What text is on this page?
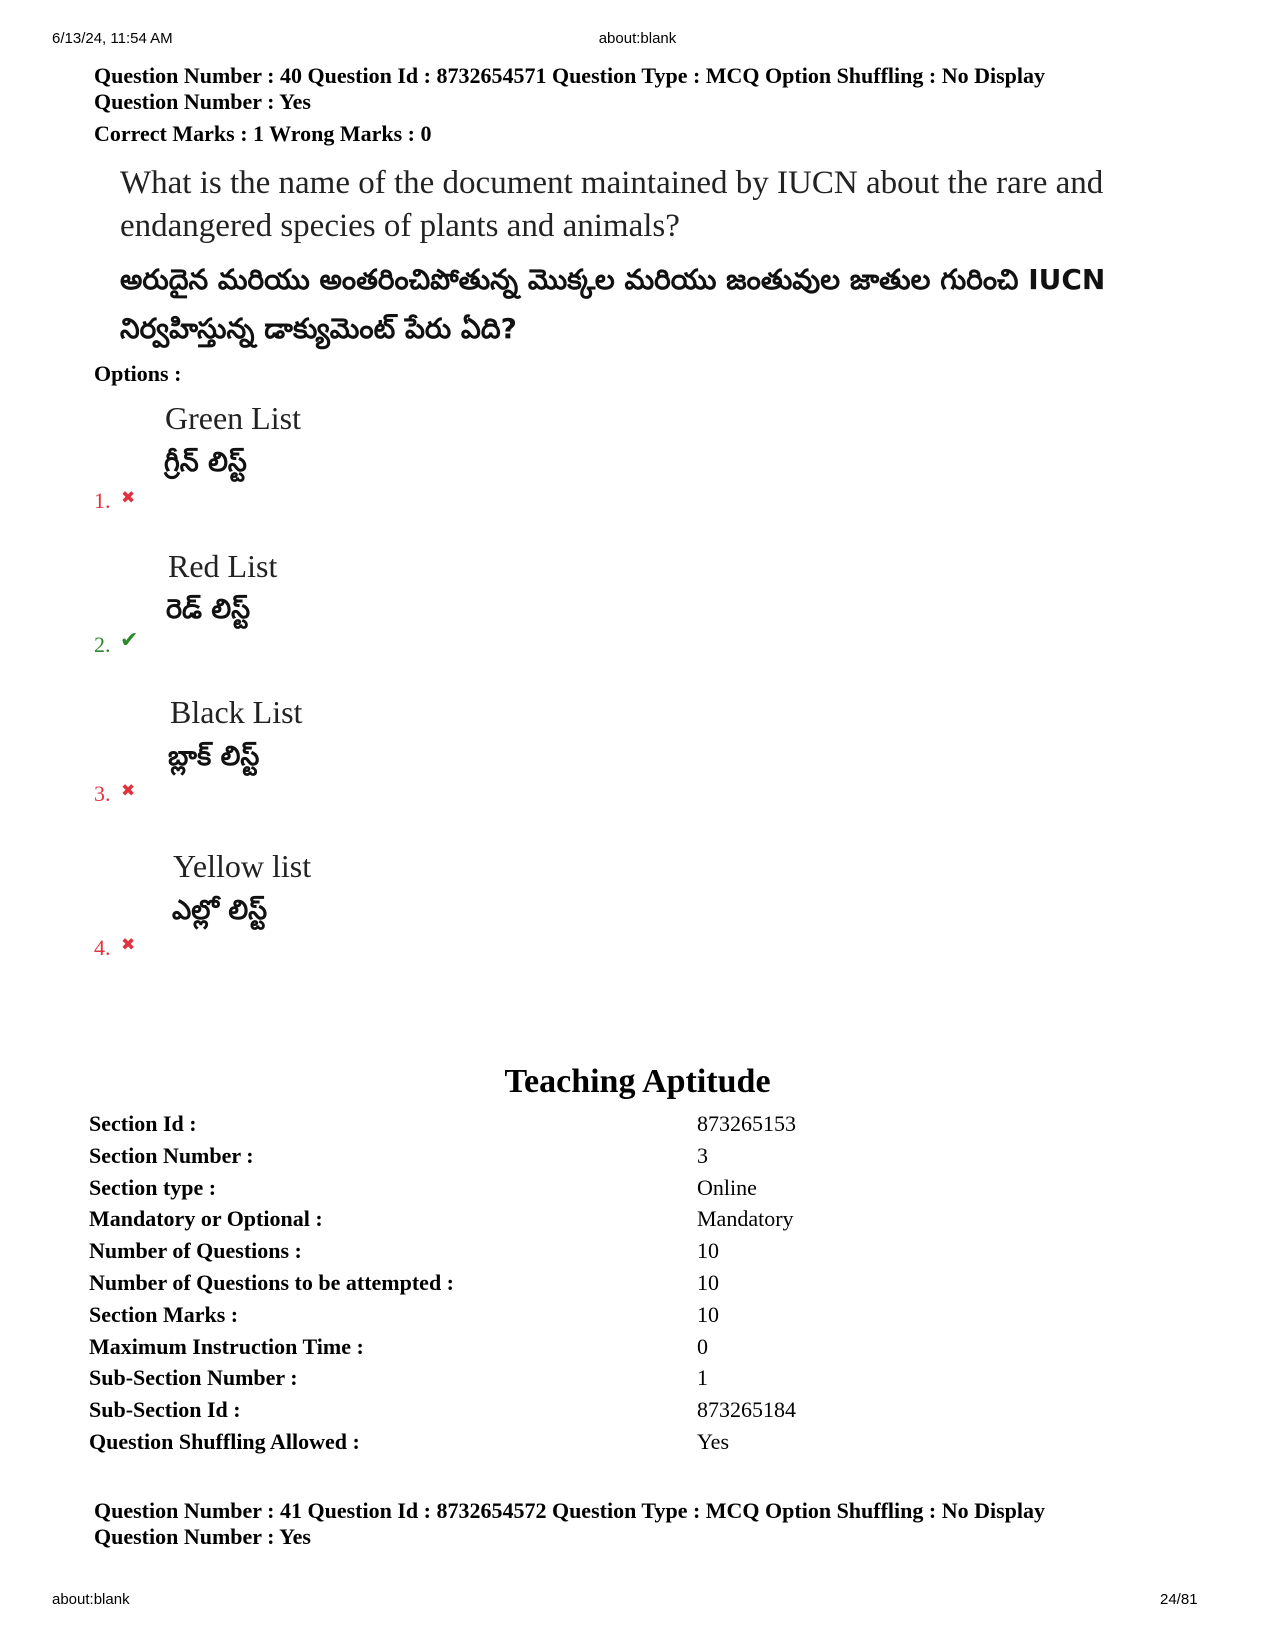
6/13/24, 11:54 AM	about:blank
Question Number : 40 Question Id : 8732654571 Question Type : MCQ Option Shuffling : No Display
Question Number : Yes
Correct Marks : 1 Wrong Marks : 0
What is the name of the document maintained by IUCN about the rare and endangered species of plants and animals?
అరుదైన మరియు అంతరించిపోతున్న మొక్కల మరియు జంతువుల జాతుల గురించి IUCN నిర్వహిస్తున్న డాక్యుమెంట్ పేరు ఏది?
Options :
Green List
గ్రీన్ లిస్ట్
1. ✖
Red List
రెడ్ లిస్ట్
2. ✔
Black List
బ్లాక్ లిస్ట్
3. ✖
Yellow list
ఎల్లో లిస్ట్
4. ✖
Teaching Aptitude
Section Id :	873265153
Section Number :	3
Section type :	Online
Mandatory or Optional :	Mandatory
Number of Questions :	10
Number of Questions to be attempted :	10
Section Marks :	10
Maximum Instruction Time :	0
Sub-Section Number :	1
Sub-Section Id :	873265184
Question Shuffling Allowed :	Yes
Question Number : 41 Question Id : 8732654572 Question Type : MCQ Option Shuffling : No Display
Question Number : Yes
about:blank	24/81
